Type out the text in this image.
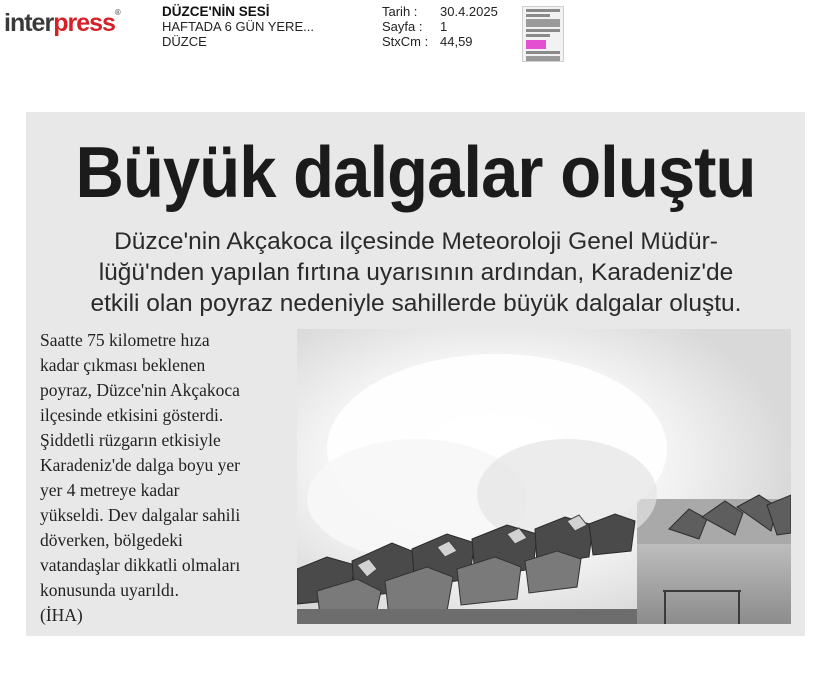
interpress®	DÜZCE'NİN SESİ
HAFTADA 6 GÜN YERE...
DÜZCE
Tarih :	30.4.2025
Sayfa :	1
StxCm : 44,59
Büyük dalgalar oluştu
Düzce'nin Akçakoca ilçesinde Meteoroloji Genel Müdür-
lüğü'nden yapılan fırtına uyarısının ardından, Karadeniz'de
etkili olan poyraz nedeniyle sahillerde büyük dalgalar oluştu.
Saatte 75 kilometre hıza
kadar çıkması beklenen
poyraz, Düzce'nin Akçakoca
ilçesinde etkisini gösterdi.
Şiddetli rüzgarın etkisiyle
Karadeniz'de dalga boyu yer
yer 4 metreye kadar
yükseldi. Dev dalgalar sahili
döverken, bölgedeki
vatandaşlar dikkatli olmaları
konusunda uyarıldı.
(İHA)
